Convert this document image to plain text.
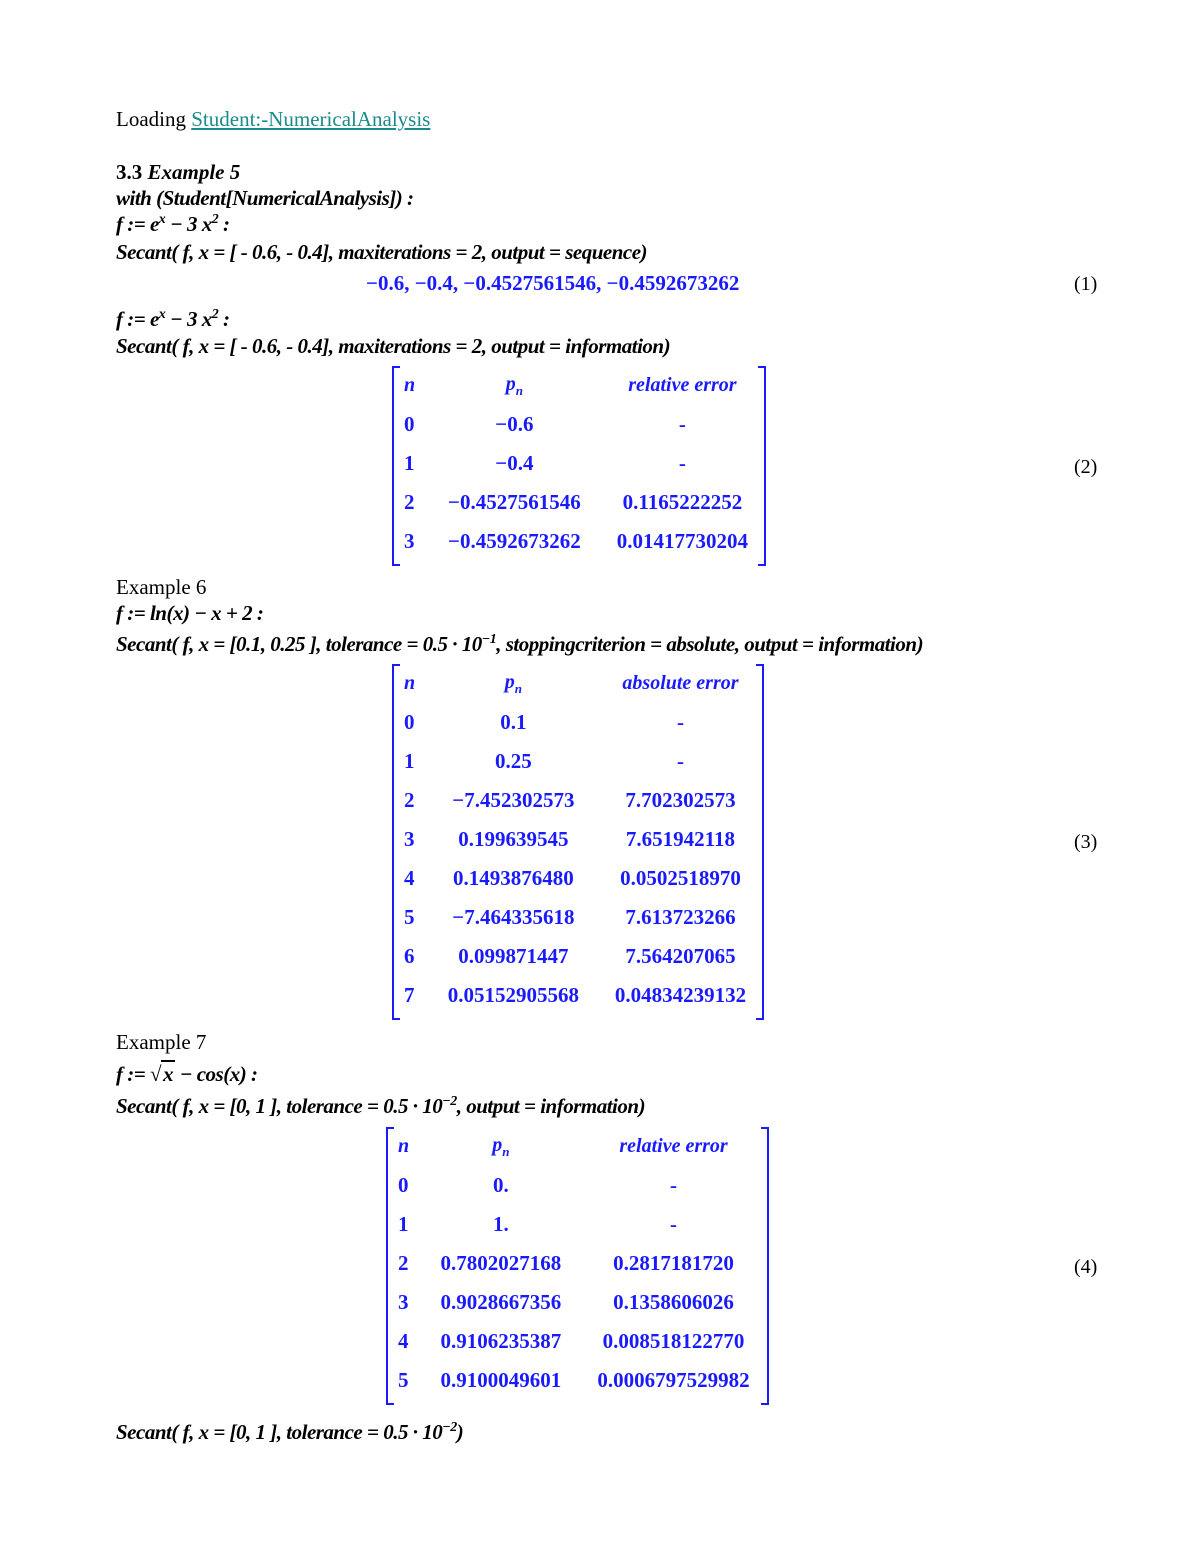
Loading Student:-NumericalAnalysis
3.3 Example 5
with (Student[NumericalAnalysis]) :
f := $e^x - 3$ $x^2$ :
Secant( f, x = [ - 0.6, - 0.4], maxiterations = 2, output = sequence)
−0.6, −0.4, −0.4527561546, −0.4592673262	(1)
f := $e^x - 3$ $x^2$ :
Secant( f, x = [ - 0.6, - 0.4], maxiterations = 2, output = information)
n	$p_n$	relative error
0	−0.6	-
1	−0.4	-
2	−0.4527561546	0.1165222252
3	−0.4592673262	0.01417730204
(2)
Example 6
f := ln(x) − x + 2 :
Secant( f, x = [0.1, 0.25 ], tolerance = $0.5 \cdot 10^{-1}$, stoppingcriterion = absolute, output = information)
n	$p_n$	absolute error
0	0.1	-
1	0.25	-
2	−7.452302573	7.702302573
3	0.199639545	7.651942118
4	0.1493876480	0.0502518970
5	−7.464335618	7.613723266
6	0.099871447	7.564207065
7	0.05152905568	0.04834239132
(3)
Example 7
f := √x − cos(x) :
Secant( f, x = [0, 1 ], tolerance = $0.5 \cdot 10^{-2}$, output = information)
n	$p_n$	relative error
0	0.	-
1	1.	-
2	0.7802027168	0.2817181720
3	0.9028667356	0.1358606026
4	0.9106235387	0.008518122770
5	0.9100049601	0.0006797529982
(4)
Secant( f, x = [0, 1 ], tolerance = $0.5 \cdot 10^{-2}$)
